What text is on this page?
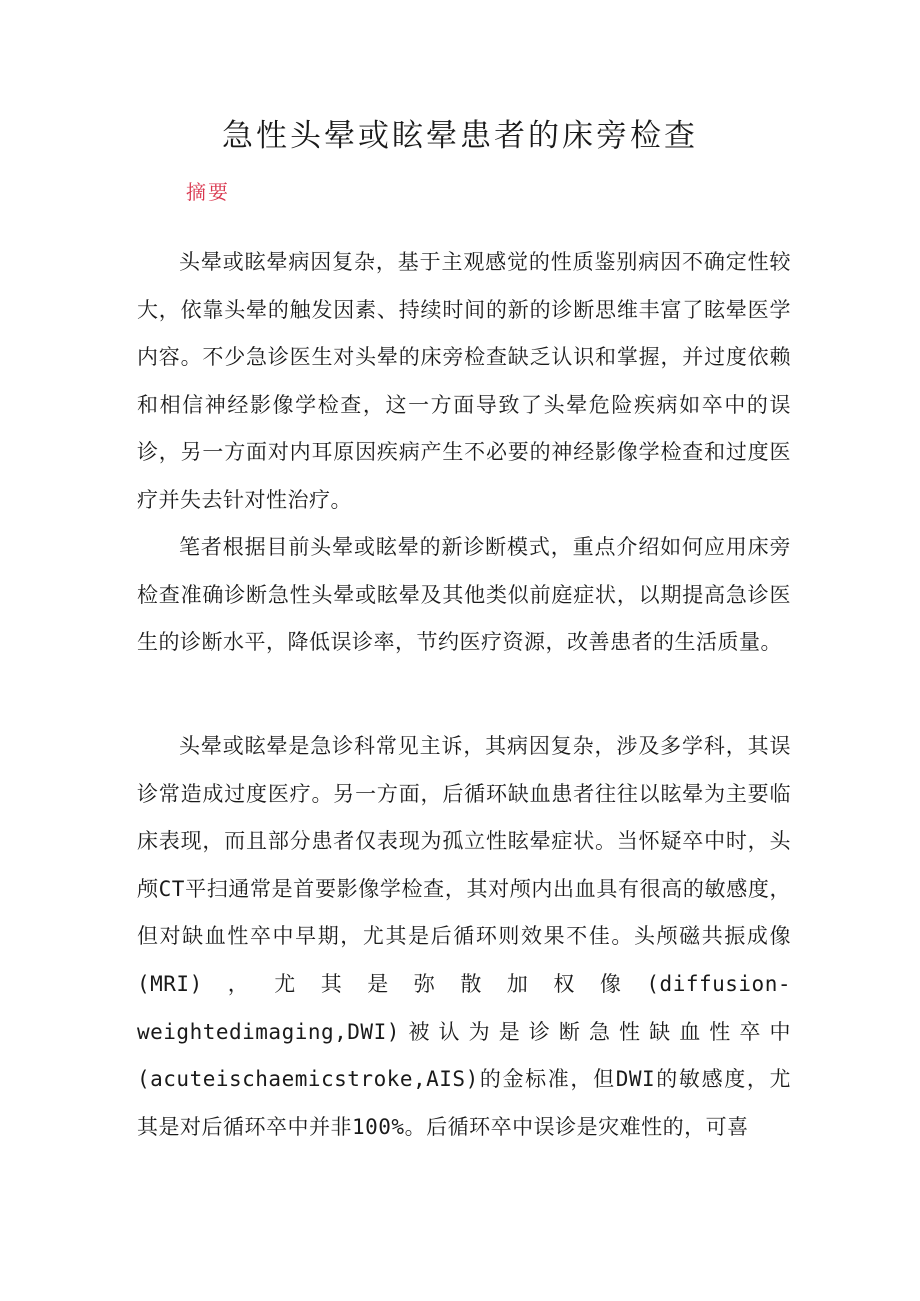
急性头晕或眩晕患者的床旁检查
摘要

头晕或眩晕病因复杂，基于主观感觉的性质鉴别病因不确定性较大，依靠头晕的触发因素、持续时间的新的诊断思维丰富了眩晕医学内容。不少急诊医生对头晕的床旁检查缺乏认识和掌握，并过度依赖和相信神经影像学检查，这一方面导致了头晕危险疾病如卒中的误诊，另一方面对内耳原因疾病产生不必要的神经影像学检查和过度医疗并失去针对性治疗。

笔者根据目前头晕或眩晕的新诊断模式，重点介绍如何应用床旁检查准确诊断急性头晕或眩晕及其他类似前庭症状，以期提高急诊医生的诊断水平，降低误诊率，节约医疗资源，改善患者的生活质量。

头晕或眩晕是急诊科常见主诉，其病因复杂，涉及多学科，其误诊常造成过度医疗。另一方面，后循环缺血患者往往以眩晕为主要临床表现，而且部分患者仅表现为孤立性眩晕症状。当怀疑卒中时，头颅CT平扫通常是首要影像学检查，其对颅内出血具有很高的敏感度，但对缺血性卒中早期，尤其是后循环则效果不佳。头颅磁共振成像(MRI)，尤其是弥散加权像(diffusion-weightedimaging,DWI)被认为是诊断急性缺血性卒中(acuteischaemicstroke,AIS)的金标准，但DWI的敏感度，尤其是对后循环卒中并非100%。后循环卒中误诊是灾难性的，可喜
